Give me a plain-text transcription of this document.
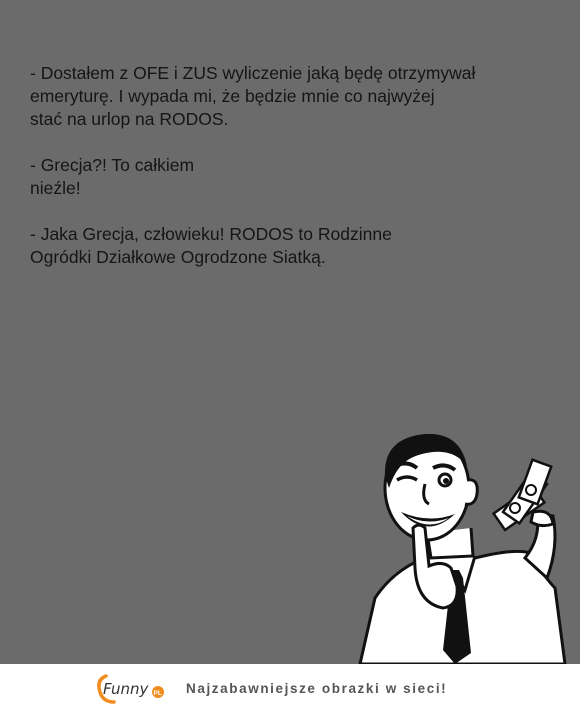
- Dostałem z OFE i ZUS wyliczenie jaką będę otrzymywał
emeryturę. I wypada mi, że będzie mnie co najwyżej
stać na urlop na RODOS.

- Grecja?! To całkiem
nieźle!

- Jaka Grecja, człowieku! RODOS to Rodzinne
Ogródki Działkowe Ogrodzone Siatką.

Funny PL Najzabawniejsze obrazki w sieci!
